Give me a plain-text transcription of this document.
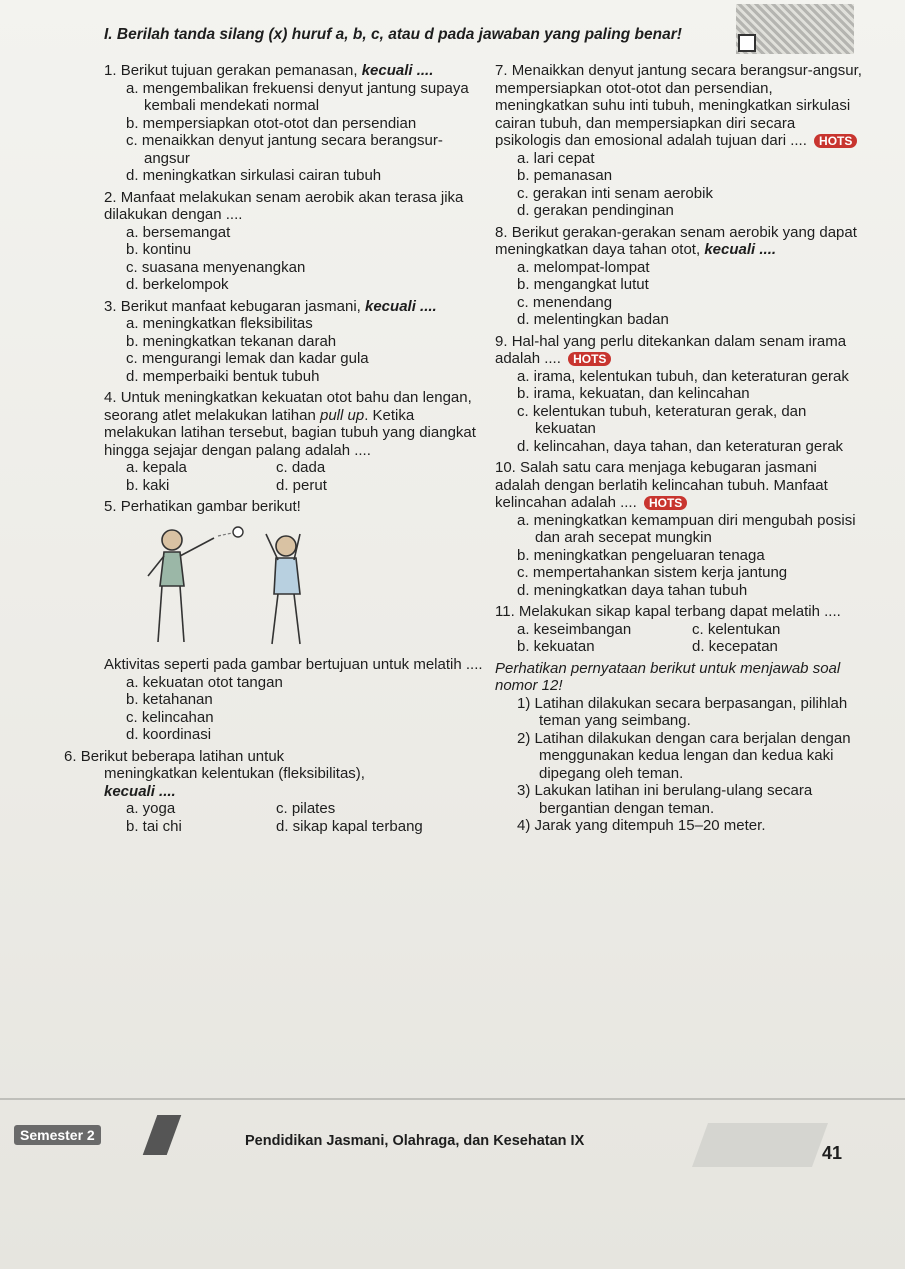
I. Berilah tanda silang (x) huruf a, b, c, atau d pada jawaban yang paling benar!
1. Berikut tujuan gerakan pemanasan, kecuali ....
a. mengembalikan frekuensi denyut jantung supaya kembali mendekati normal
b. mempersiapkan otot-otot dan persendian
c. menaikkan denyut jantung secara berangsur-angsur
d. meningkatkan sirkulasi cairan tubuh
2. Manfaat melakukan senam aerobik akan terasa jika dilakukan dengan ....
a. bersemangat
b. kontinu
c. suasana menyenangkan
d. berkelompok
3. Berikut manfaat kebugaran jasmani, kecuali ....
a. meningkatkan fleksibilitas
b. meningkatkan tekanan darah
c. mengurangi lemak dan kadar gula
d. memperbaiki bentuk tubuh
4. Untuk meningkatkan kekuatan otot bahu dan lengan, seorang atlet melakukan latihan pull up. Ketika melakukan latihan tersebut, bagian tubuh yang diangkat hingga sejajar dengan palang adalah ....
a. kepala	c. dada
b. kaki	d. perut
5. Perhatikan gambar berikut!
Aktivitas seperti pada gambar bertujuan untuk melatih ....
a. kekuatan otot tangan
b. ketahanan
c. kelincahan
d. koordinasi
6. Berikut beberapa latihan untuk
meningkatkan kelentukan (fleksibilitas),
kecuali ....
a. yoga	c. pilates
b. tai chi	d. sikap kapal terbang
7. Menaikkan denyut jantung secara berangsur-angsur, mempersiapkan otot-otot dan persendian, meningkatkan suhu inti tubuh, meningkatkan sirkulasi cairan tubuh, dan mempersiapkan diri secara psikologis dan emosional adalah tujuan dari .... HOTS
a. lari cepat
b. pemanasan
c. gerakan inti senam aerobik
d. gerakan pendinginan
8. Berikut gerakan-gerakan senam aerobik yang dapat meningkatkan daya tahan otot, kecuali ....
a. melompat-lompat
b. mengangkat lutut
c. menendang
d. melentingkan badan
9. Hal-hal yang perlu ditekankan dalam senam irama adalah .... HOTS
a. irama, kelentukan tubuh, dan keteraturan gerak
b. irama, kekuatan, dan kelincahan
c. kelentukan tubuh, keteraturan gerak, dan kekuatan
d. kelincahan, daya tahan, dan keteraturan gerak
10. Salah satu cara menjaga kebugaran jasmani adalah dengan berlatih kelincahan tubuh. Manfaat kelincahan adalah .... HOTS
a. meningkatkan kemampuan diri mengubah posisi dan arah secepat mungkin
b. meningkatkan pengeluaran tenaga
c. mempertahankan sistem kerja jantung
d. meningkatkan daya tahan tubuh
11. Melakukan sikap kapal terbang dapat melatih ....
a. keseimbangan	c. kelentukan
b. kekuatan	d. kecepatan
Perhatikan pernyataan berikut untuk menjawab soal nomor 12!
1) Latihan dilakukan secara berpasangan, pilihlah teman yang seimbang.
2) Latihan dilakukan dengan cara berjalan dengan menggunakan kedua lengan dan kedua kaki dipegang oleh teman.
3) Lakukan latihan ini berulang-ulang secara bergantian dengan teman.
4) Jarak yang ditempuh 15–20 meter.
Semester 2	Pendidikan Jasmani, Olahraga, dan Kesehatan IX
41
